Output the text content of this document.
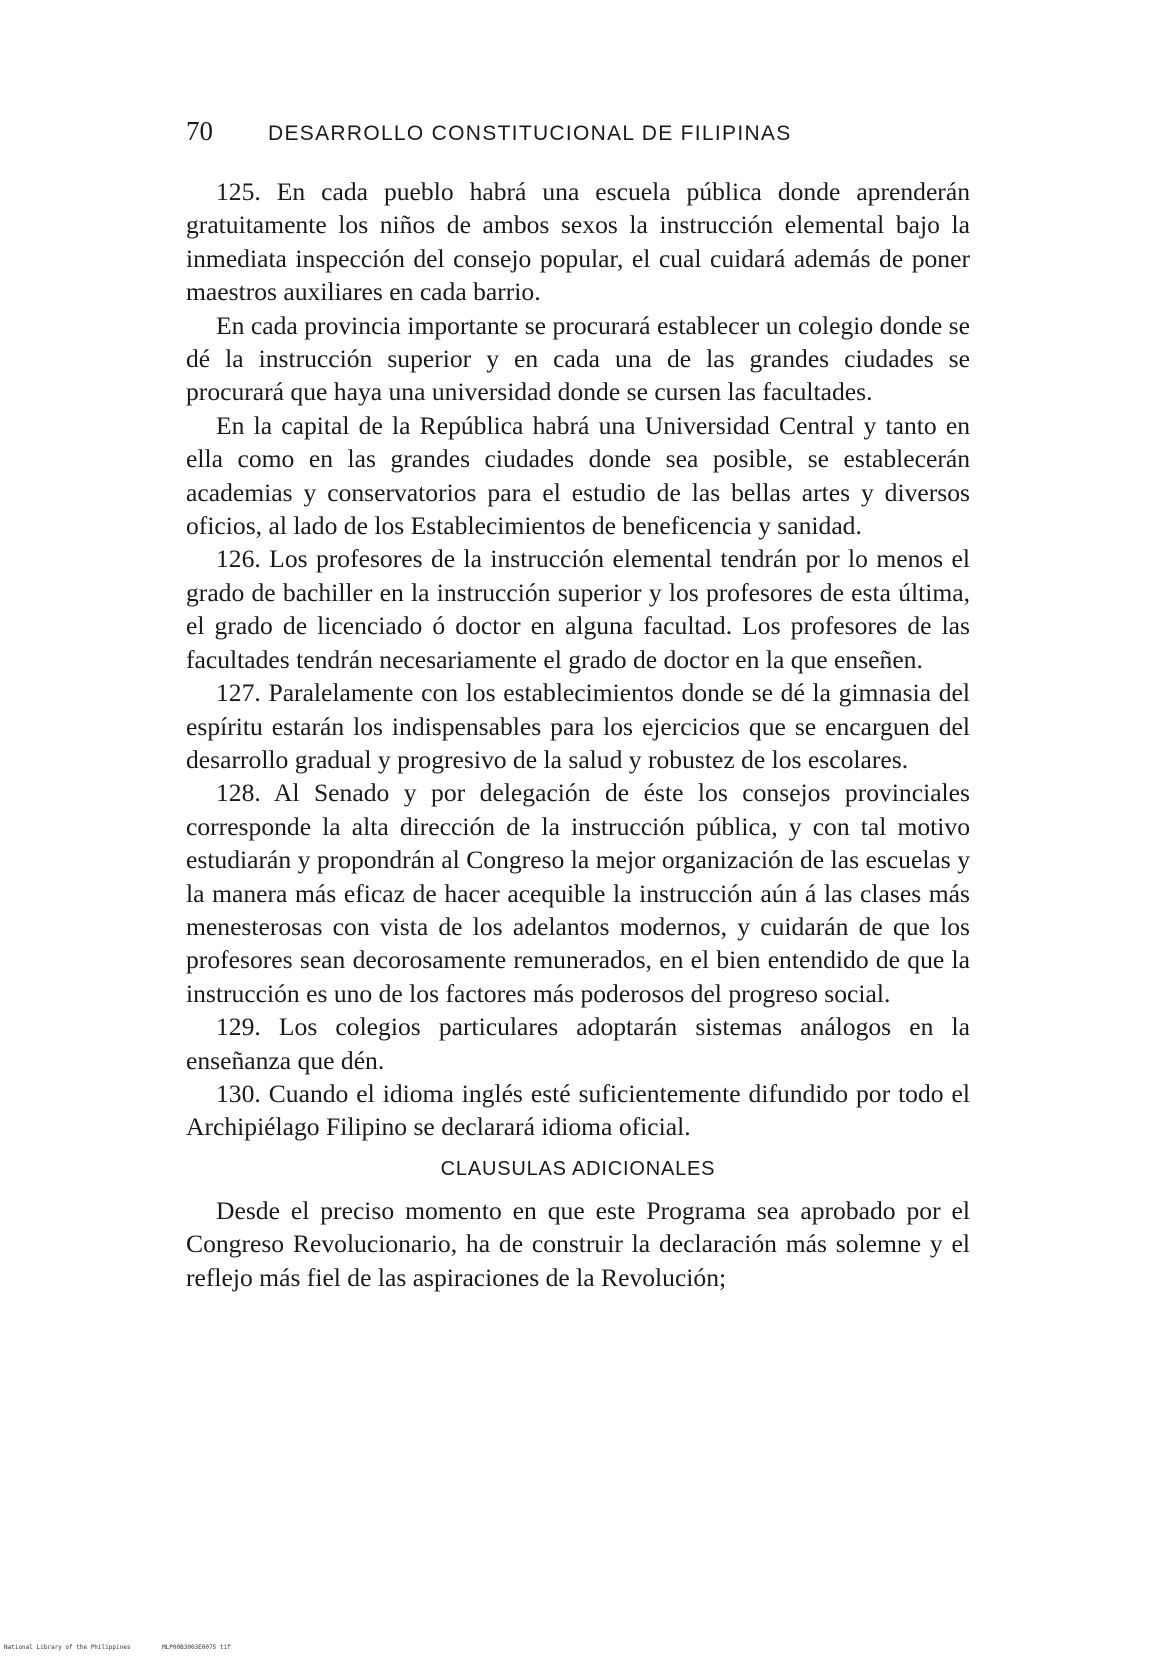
70	DESARROLLO CONSTITUCIONAL DE FILIPINAS

125. En cada pueblo habrá una escuela pública donde aprenderán gratuitamente los niños de ambos sexos la instrucción elemental bajo la inmediata inspección del consejo popular, el cual cuidará además de poner maestros auxiliares en cada barrio.

En cada provincia importante se procurará establecer un colegio donde se dé la instrucción superior y en cada una de las grandes ciudades se procurará que haya una universidad donde se cursen las facultades.

En la capital de la República habrá una Universidad Central y tanto en ella como en las grandes ciudades donde sea posible, se establecerán academias y conservatorios para el estudio de las bellas artes y diversos oficios, al lado de los Establecimientos de beneficencia y sanidad.

126. Los profesores de la instrucción elemental tendrán por lo menos el grado de bachiller en la instrucción superior y los profesores de esta última, el grado de licenciado ó doctor en alguna facultad. Los profesores de las facultades tendrán necesariamente el grado de doctor en la que enseñen.

127. Paralelamente con los establecimientos donde se dé la gimnasia del espíritu estarán los indispensables para los ejercicios que se encarguen del desarrollo gradual y progresivo de la salud y robustez de los escolares.

128. Al Senado y por delegación de éste los consejos provinciales corresponde la alta dirección de la instrucción pública, y con tal motivo estudiarán y propondrán al Congreso la mejor organización de las escuelas y la manera más eficaz de hacer acequible la instrucción aún á las clases más menesterosas con vista de los adelantos modernos, y cuidarán de que los profesores sean decorosamente remunerados, en el bien entendido de que la instrucción es uno de los factores más poderosos del progreso social.

129. Los colegios particulares adoptarán sistemas análogos en la enseñanza que dén.

130. Cuando el idioma inglés esté suficientemente difundido por todo el Archipiélago Filipino se declarará idioma oficial.

CLAUSULAS ADICIONALES

Desde el preciso momento en que este Programa sea aprobado por el Congreso Revolucionario, ha de construir la declaración más solemne y el reflejo más fiel de las aspiraciones de la Revolución;

National Library of the Philippines	MLP00B3003E0075 tif
